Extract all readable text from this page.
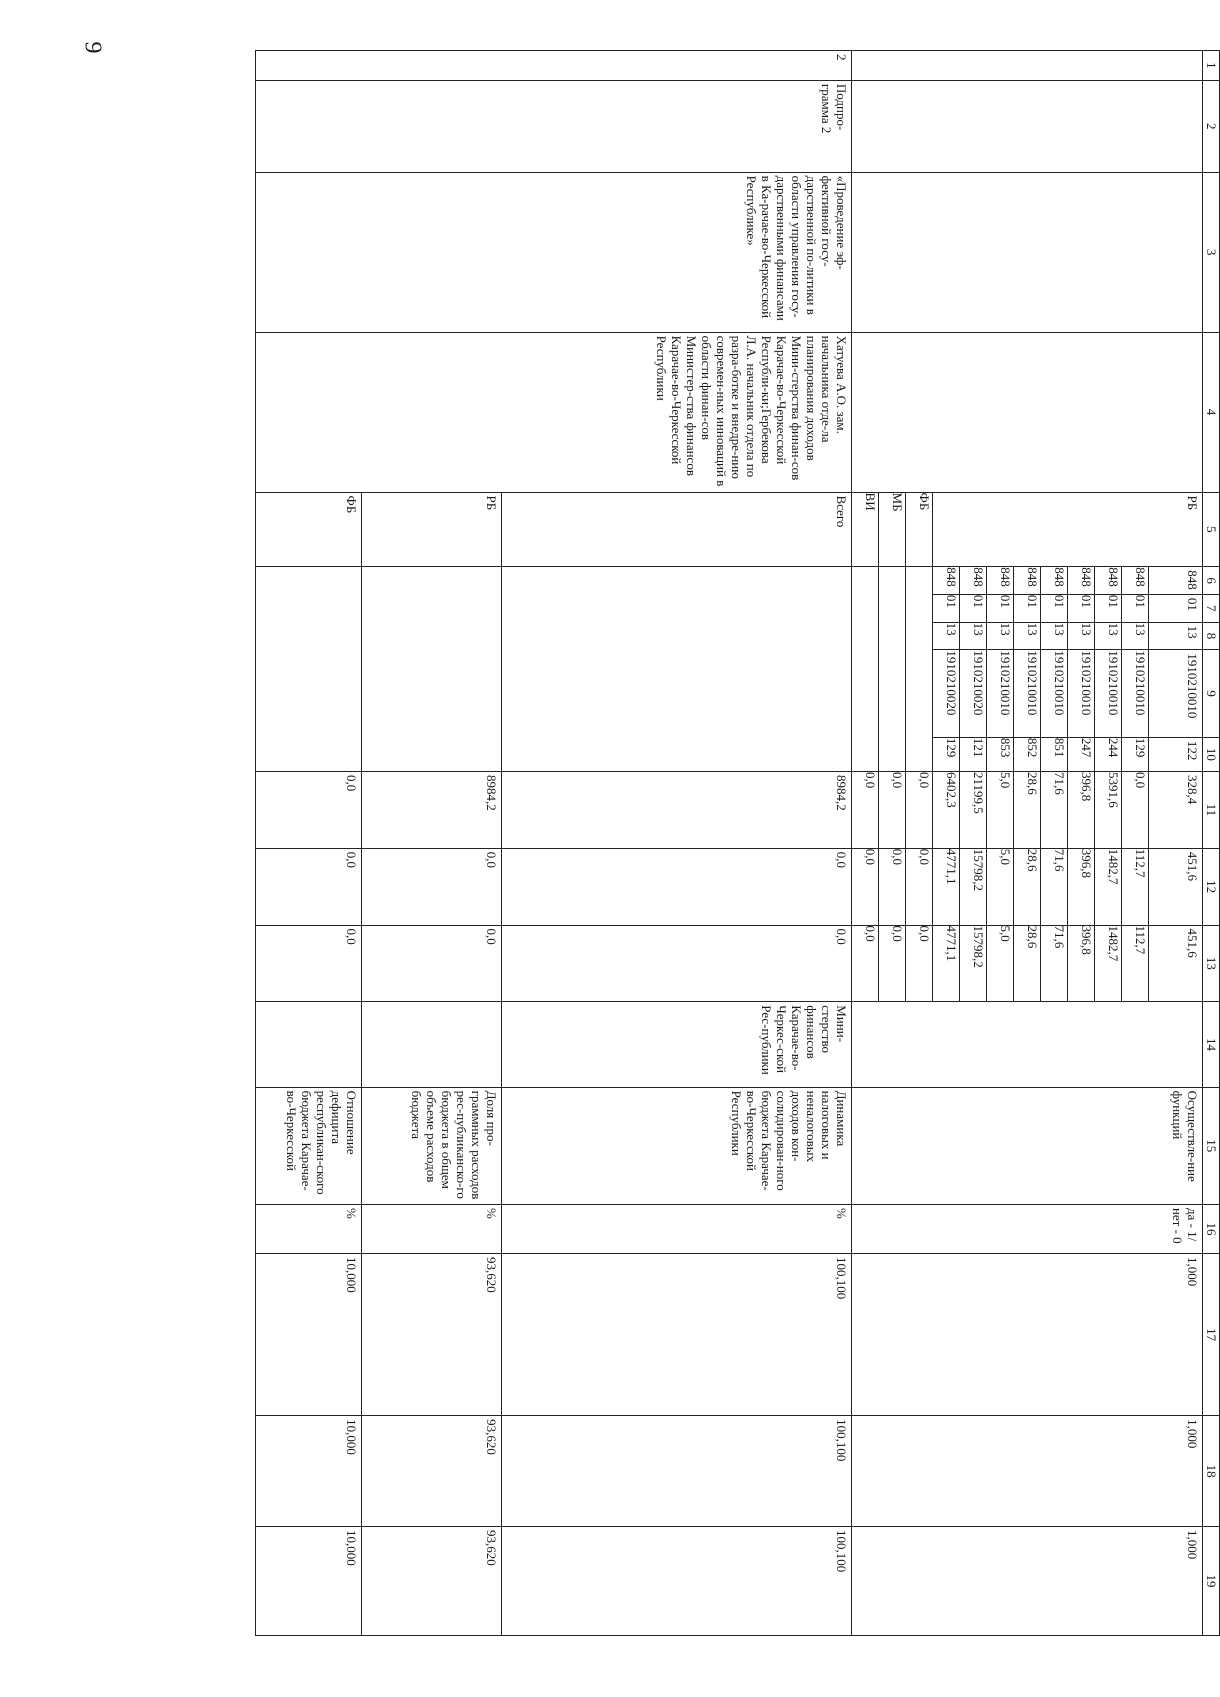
9
1	2	3	4	5	6	7	8	9	10	11	12	13	14	15	16	17	18	19
				РБ	848	01	13	1910210010	122	328,4	451,6	451,6		Осуществле-ние функций	да - 1/нет - 0	1,000	1,000	1,000
					848	01	13	1910210010	129	0,0	112,7	112,7						
					848	01	13	1910210010	244	5391,6	1482,7	1482,7						
					848	01	13	1910210010	247	396,8	396,8	396,8						
					848	01	13	1910210010	851	71,6	71,6	71,6						
					848	01	13	1910210010	852	28,6	28,6	28,6						
					848	01	13	1910210010	853	5,0	5,0	5,0						
					848	01	13	1910210020	121	21199,5	15798,2	15798,2						
					848	01	13	1910210020	129	6402,3	4771,1	4771,1						
				ФБ						0,0	0,0	0,0						
				МБ						0,0	0,0	0,0						
				ВИ						0,0	0,0	0,0						
2	Подпро-грамма 2	«Проведение эф-фективной госу-дарственной по-литики в области управления госу-дарственными финансами в Ка-рачае-во-Черкесской Республике»	Хатуева А.О. зам. начальника отде-ла планирования доходов Мини-стерства финан-сов Карачае-во-Черкесской Республи-ки;Гербекова Л.А. начальник отдела по разра-ботке и внедре-нию современ-ных инноваций в области финан-сов Министер-ства финансов Карачае-во-Черкесской Республики	Всего						8984,2	0,0	0,0	Мини-стерство финансов Карачае-во-Черкес-ской Рес-публики	Динамика налоговых и неналоговых доходов кон-солидирован-ного бюджета Карачае-во-Черкесской Республики	%	100,100	100,100	100,100
				РБ						8984,2	0,0	0,0		Доля про-граммных расходов рес-публиканско-го бюджета в общем объеме расходов бюджета	%	93,620	93,620	93,620
				ФБ						0,0	0,0	0,0		Отношение дефицита республикан-ского бюджета Карачае-во-Черкесской	%	10,000	10,000	10,000
